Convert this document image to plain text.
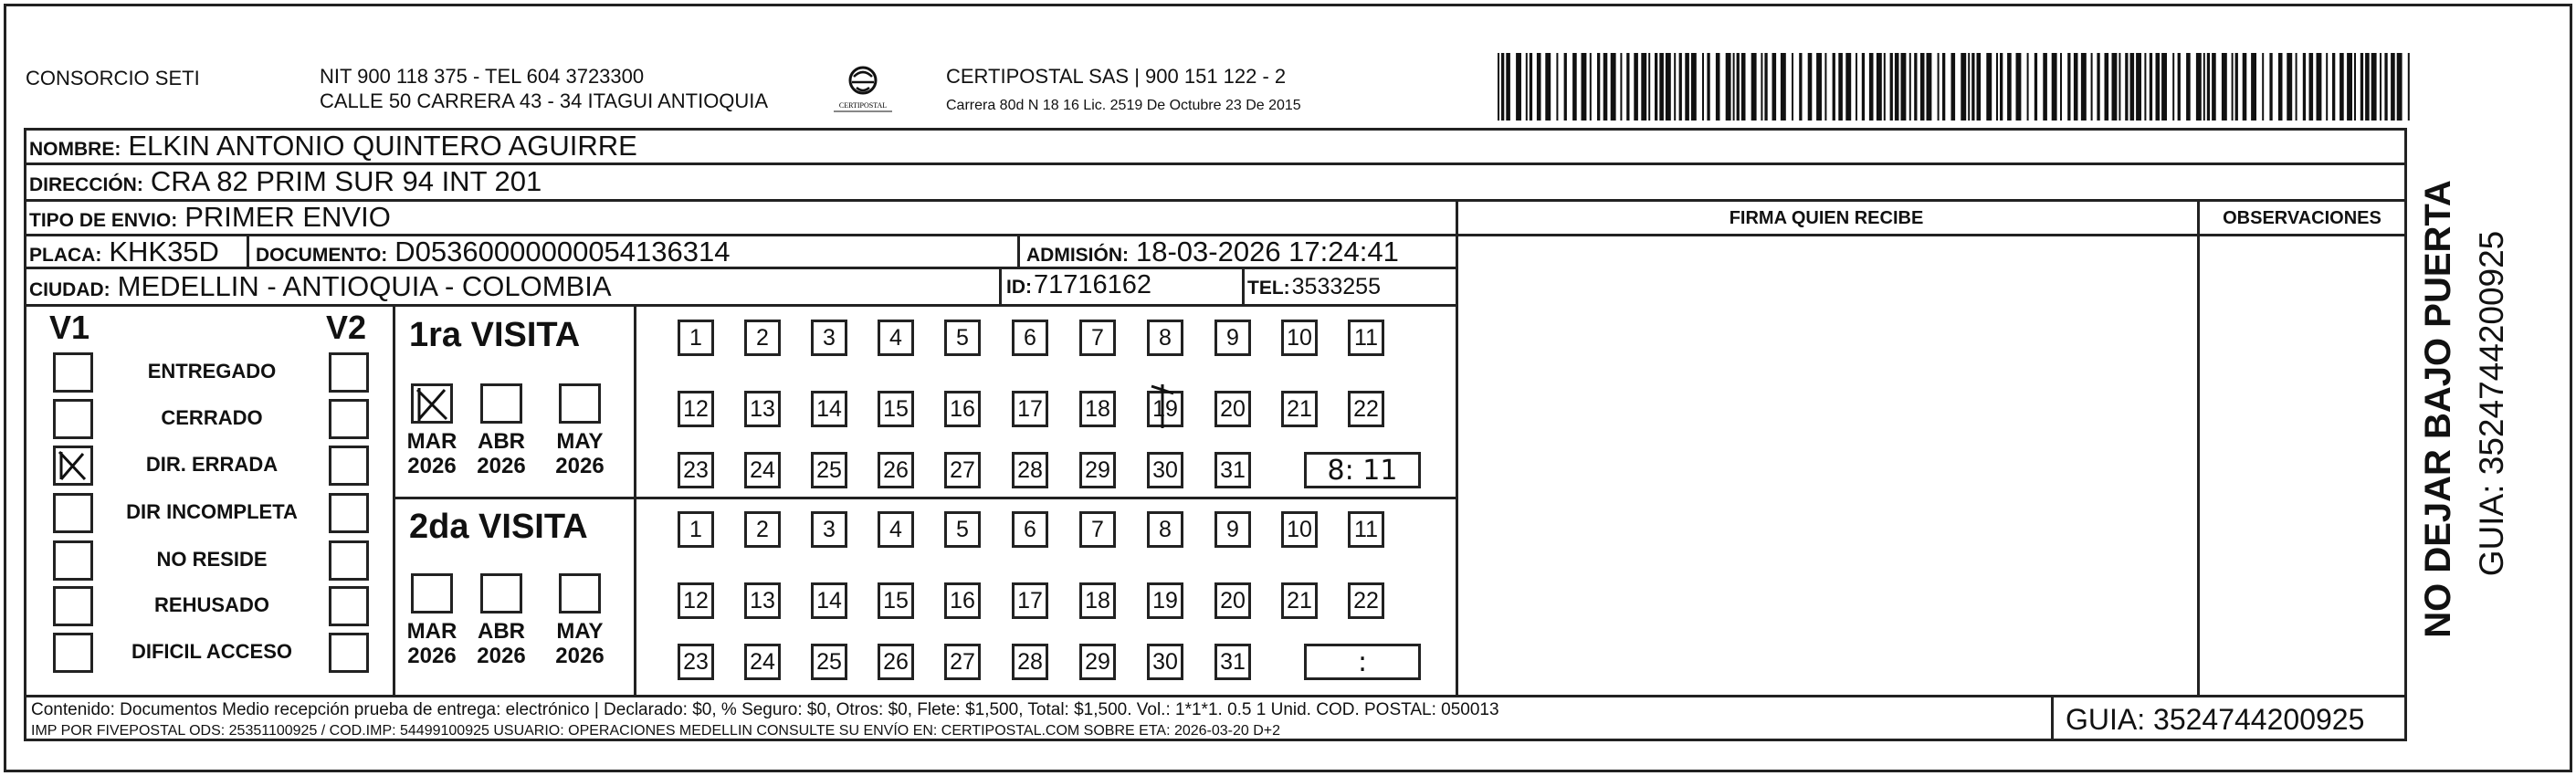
CONSORCIO SETI	NIT 900 118 375 - TEL 604 3723300
CALLE 50 CARRERA 43 - 34 ITAGUI ANTIOQUIA	CERTIPOSTAL
CERTIPOSTAL SAS | 900 151 122 - 2
Carrera 80d N 18 16 Lic. 2519 De Octubre 23 De 2015
NOMBRE: ELKIN ANTONIO QUINTERO AGUIRRE
DIRECCIÓN: CRA 82 PRIM SUR 94 INT 201
TIPO DE ENVIO: PRIMER ENVIO
PLACA: KHK35D DOCUMENTO: D05360000000054136314	ADMISIÓN: 18-03-2026 17:24:41
CIUDAD: MEDELLIN - ANTIOQUIA - COLOMBIA	ID: 71716162	TEL: 3533255
FIRMA QUIEN RECIBE	OBSERVACIONES
V1	V2
ENTREGADO
CERRADO
DIR. ERRADA
DIR INCOMPLETA
NO RESIDE
REHUSADO
DIFICIL ACCESO
1ra VISITA
2da VISITA
MAR
2026
ABR
2026
MAY
2026
MAR
2026
ABR
2026
MAY
2026
1	2	3	4	5	6	7	8	9	10 11
12 13 14 15 16 17 18 19 20 21 22
23 24 25 26 27 28 29 30 31	8: 11
1	2	3	4	5	6	7	8	9	10 11
12 13 14 15 16 17 18 19 20 21 22
23 24 25 26 27 28 29 30 31	:
Contenido: Documentos Medio recepción prueba de entrega: electrónico | Declarado: $0, % Seguro: $0, Otros: $0, Flete: $1,500, Total: $1,500. Vol.: 1*1*1. 0.5 1 Unid. COD. POSTAL: 050013
IMP POR FIVEPOSTAL ODS: 25351100925 / COD.IMP: 54499100925 USUARIO: OPERACIONES MEDELLIN CONSULTE SU ENVÍO EN: CERTIPOSTAL.COM SOBRE ETA: 2026-03-20 D+2	GUIA: 3524744200925
NO DEJAR BAJO PUERTA GUIA: 3524744200925
